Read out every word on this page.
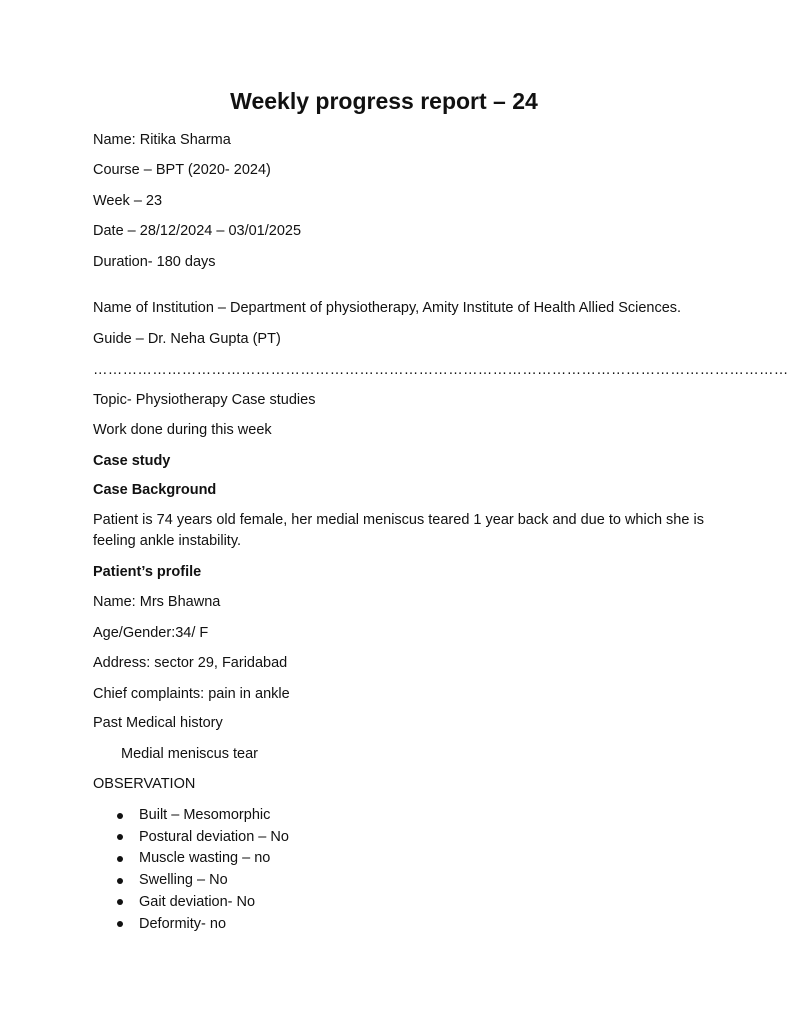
Weekly progress report – 24

Name: Ritika Sharma

Course – BPT (2020- 2024)

Week – 23

Date – 28/12/2024 – 03/01/2025

Duration- 180 days

Name of Institution – Department of physiotherapy, Amity Institute of Health Allied Sciences.

Guide – Dr. Neha Gupta (PT)

……………………………………………………………………………………………………………………………

Topic- Physiotherapy Case studies

Work done during this week

Case study

Case Background

Patient is 74 years old female, her medial meniscus teared 1 year back and due to which she is feeling ankle instability.

Patient’s profile

Name: Mrs Bhawna

Age/Gender:34/ F

Address: sector 29, Faridabad

Chief complaints: pain in ankle

Past Medical history

Medial meniscus tear

OBSERVATION

Built – Mesomorphic
Postural deviation – No
Muscle wasting – no
Swelling – No
Gait deviation- No
Deformity- no
